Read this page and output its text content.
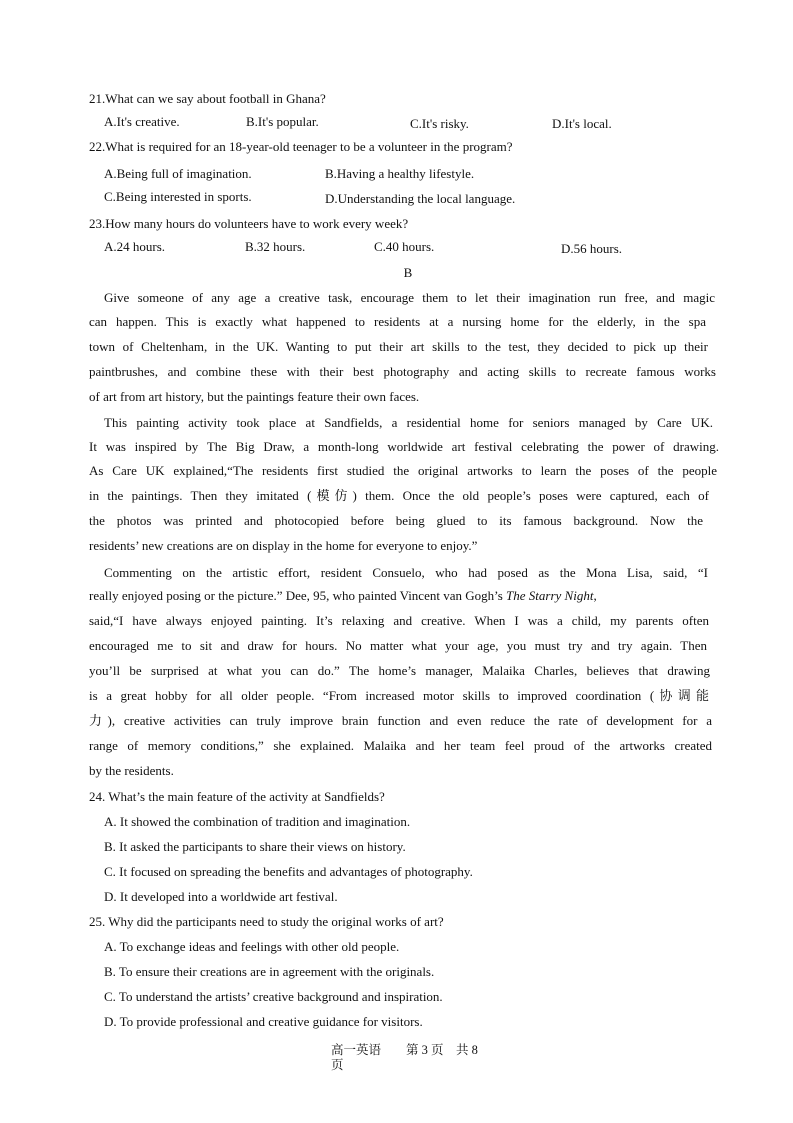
21.What can we say about football in Ghana?
A.It's creative.	B.It's popular.	C.It's risky.	D.It's local.
22.What is required for an 18-year-old teenager to be a volunteer in the program?
A.Being full of imagination.	B.Having a healthy lifestyle.
C.Being interested in sports.	D.Understanding the local language.
23.How many hours do volunteers have to work every week?
A.24 hours.	B.32 hours.	C.40 hours.	D.56 hours.
B
Give someone of any age a creative task, encourage them to let their imagination run free, and magic
can happen. This is exactly what happened to residents at a nursing home for the elderly, in the spa
town of Cheltenham, in the UK. Wanting to put their art skills to the test, they decided to pick up their
paintbrushes, and combine these with their best photography and acting skills to recreate famous works
of art from art history, but the paintings feature their own faces.
This painting activity took place at Sandfields, a residential home for seniors managed by Care UK.
It was inspired by The Big Draw, a month-long worldwide art festival celebrating the power of drawing.
As Care UK explained,“The residents first studied the original artworks to learn the poses of the people
in the paintings. Then they imitated (模仿) them. Once the old people’s poses were captured, each of
the photos was printed and photocopied before being glued to its famous background. Now the
residents’ new creations are on display in the home for everyone to enjoy.”
Commenting on the artistic effort, resident Consuelo, who had posed as the Mona Lisa, said, “I
really enjoyed posing or the picture.” Dee, 95, who painted Vincent van Gogh’s The Starry Night,
said,“I have always enjoyed painting. It’s relaxing and creative. When I was a child, my parents often
encouraged me to sit and draw for hours. No matter what your age, you must try and try again. Then
you’ll be surprised at what you can do.” The home’s manager, Malaika Charles, believes that drawing
is a great hobby for all older people. “From increased motor skills to improved coordination (协调能
力), creative activities can truly improve brain function and even reduce the rate of development for a
range of memory conditions,” she explained. Malaika and her team feel proud of the artworks created
by the residents.
24. What’s the main feature of the activity at Sandfields?
A. It showed the combination of tradition and imagination.
B. It asked the participants to share their views on history.
C. It focused on spreading the benefits and advantages of photography.
D. It developed into a worldwide art festival.
25. Why did the participants need to study the original works of art?
A. To exchange ideas and feelings with other old people.
B. To ensure their creations are in agreement with the originals.
C. To understand the artists’ creative background and inspiration.
D. To provide professional and creative guidance for visitors.
高一英语　　第 3 页　共 8
页
